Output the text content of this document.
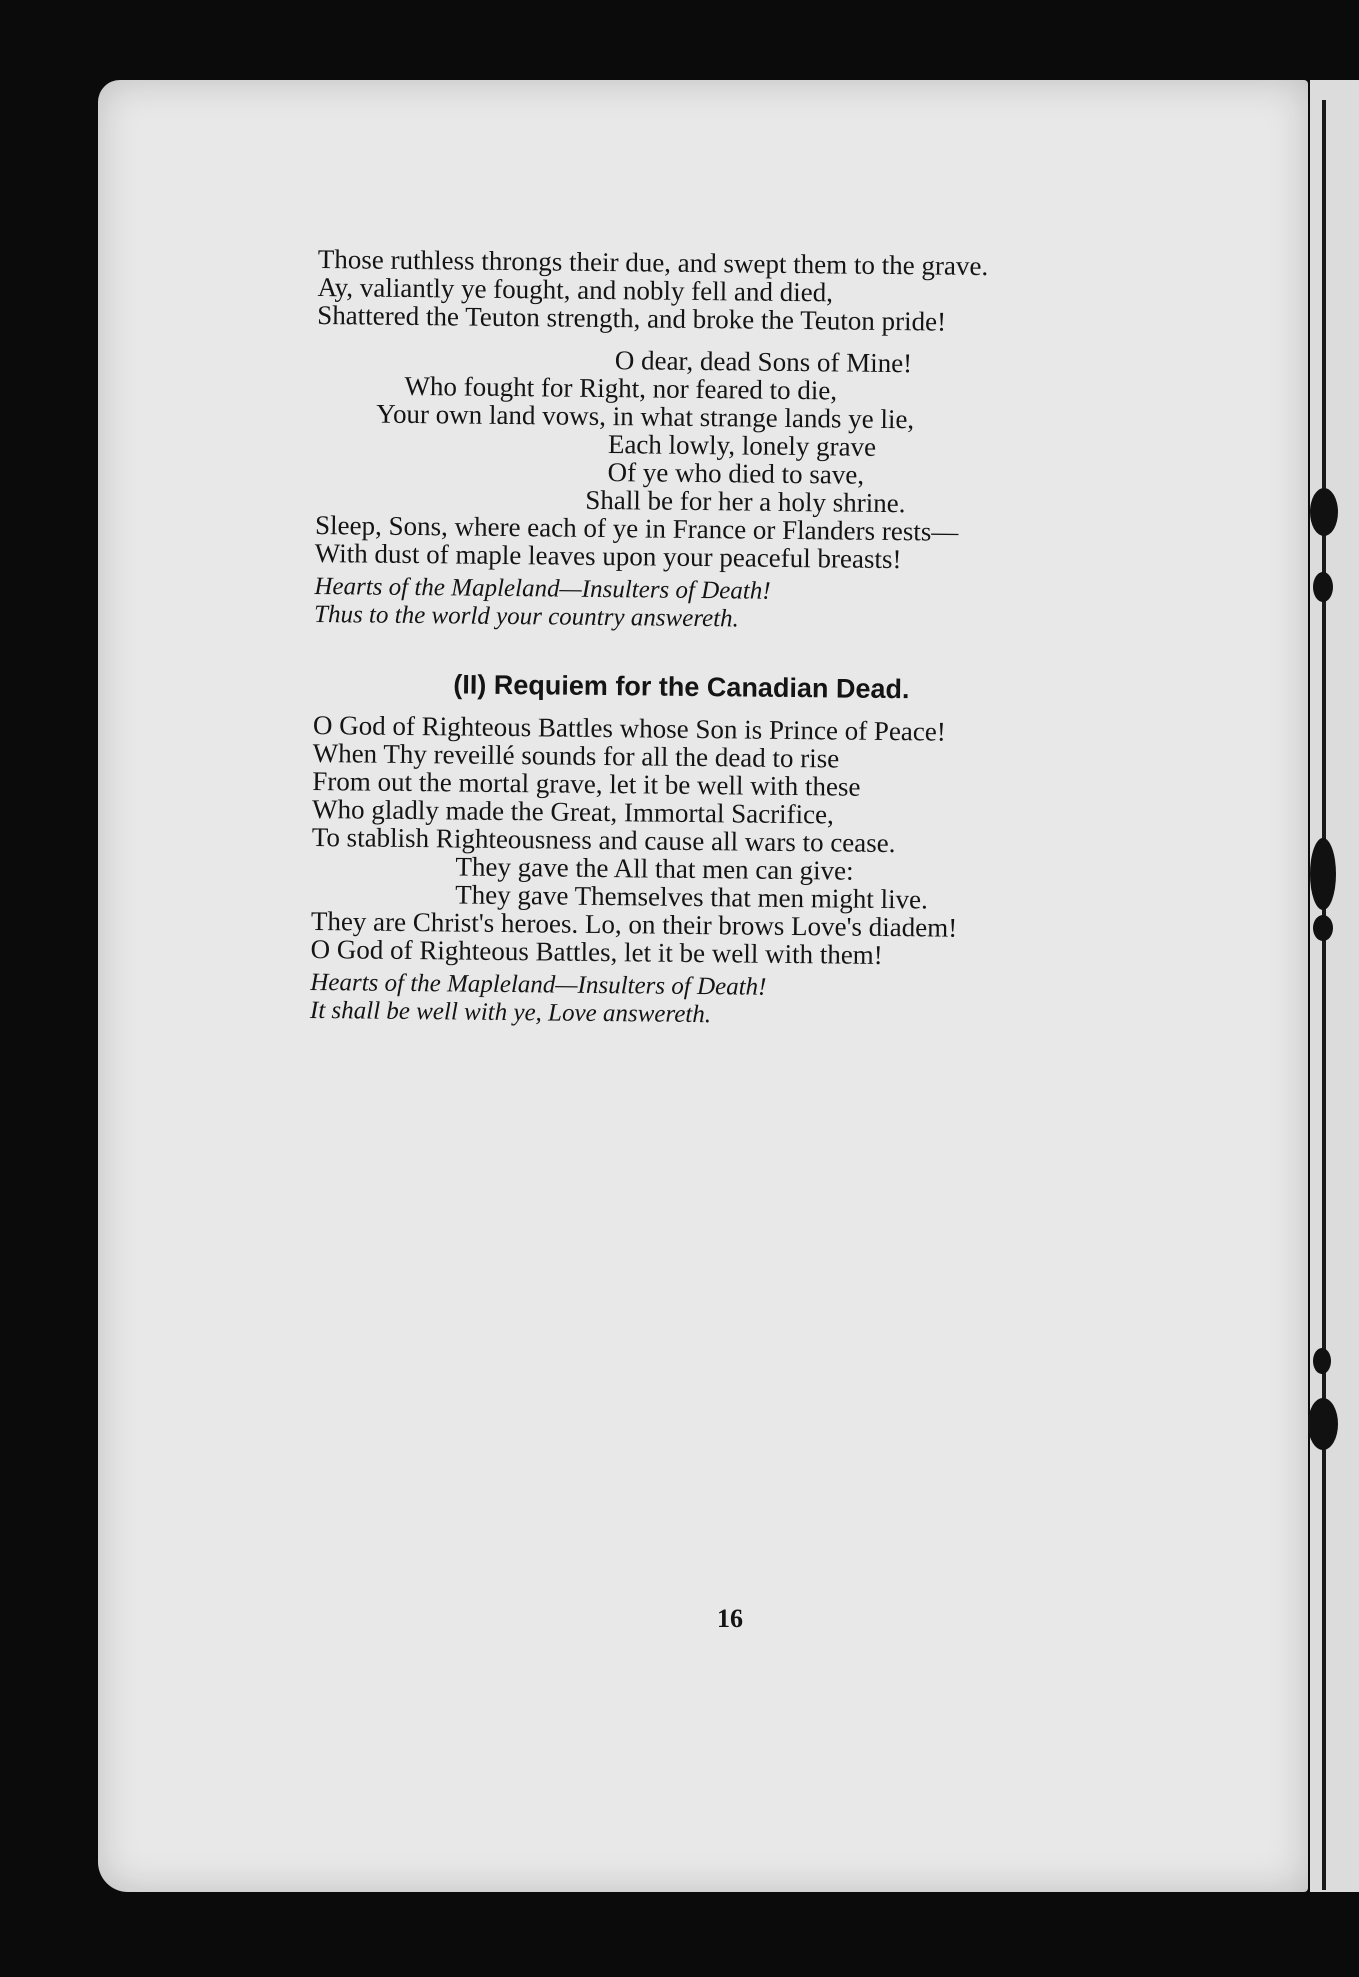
Those ruthless throngs their due, and swept them to the grave.

Ay, valiantly ye fought, and nobly fell and died,

Shattered the Teuton strength, and broke the Teuton pride!

O dear, dead Sons of Mine!

Who fought for Right, nor feared to die,

Your own land vows, in what strange lands ye lie,

Each lowly, lonely grave

Of ye who died to save,

Shall be for her a holy shrine.

Sleep, Sons, where each of ye in France or Flanders rests—

With dust of maple leaves upon your peaceful breasts!

Hearts of the Mapleland—Insulters of Death!

Thus to the world your country answereth.

(II) Requiem for the Canadian Dead.

O God of Righteous Battles whose Son is Prince of Peace!

When Thy reveillé sounds for all the dead to rise

From out the mortal grave, let it be well with these

Who gladly made the Great, Immortal Sacrifice,

To stablish Righteousness and cause all wars to cease.

They gave the All that men can give:

They gave Themselves that men might live.

They are Christ's heroes. Lo, on their brows Love's diadem!

O God of Righteous Battles, let it be well with them!

Hearts of the Mapleland—Insulters of Death!

It shall be well with ye, Love answereth.

16
